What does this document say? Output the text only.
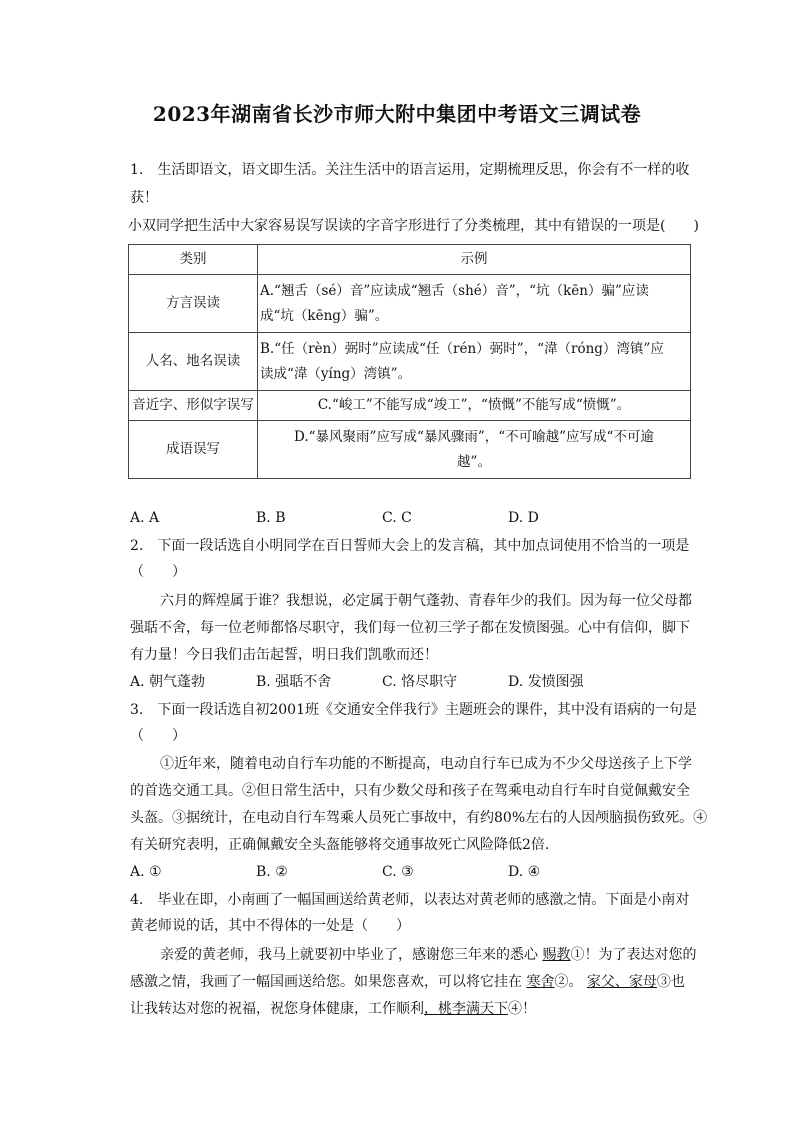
2023年湖南省长沙市师大附中集团中考语文三调试卷
1.　生活即语文，语文即生活。关注生活中的语言运用，定期梳理反思，你会有不一样的收
获！
小双同学把生活中大家容易误写误读的字音字形进行了分类梳理，其中有错误的一项是(　　)
类别	示例
方言误读	A.“翘舌（sé）音”应读成“翘舌（shé）音”，“坑（kēn）骗”应读
成“坑（kēng）骗”。

人名、地名误读	B.“任（rèn）弼时”应读成“任（rén）弼时”，“湋（róng）湾镇”应
读成“湋（yíng）湾镇”。

音近字、形似字误写	C.“峻工”不能写成“竣工”，“愤慨”不能写成“愤慨”。
成语误写	D.“暴风聚雨”应写成“暴风骤雨”，“不可喻越”应写成“不可逾
越”。
A. A	B. B	C. C	D. D
2.　下面一段话选自小明同学在百日誓师大会上的发言稿，其中加点词使用不恰当的一项是
（　　）
六月的辉煌属于谁？我想说，必定属于朝气蓬勃、青春年少的我们。因为每一位父母都
强聒不舍，每一位老师都恪尽职守，我们每一位初三学子都在发愤图强。心中有信仰，脚下
有力量！今日我们击缶起誓，明日我们凯歌而还！
A. 朝气蓬勃	B. 强聒不舍	C. 恪尽职守	D. 发愤图强
3.　下面一段话选自初2001班《交通安全伴我行》主题班会的课件，其中没有语病的一句是
（　　）
①近年来，随着电动自行车功能的不断提高，电动自行车已成为不少父母送孩子上下学
的首选交通工具。②但日常生活中，只有少数父母和孩子在驾乘电动自行车时自觉佩戴安全
头盔。③据统计，在电动自行车驾乘人员死亡事故中，有约80%左右的人因颅脑损伤致死。④
有关研究表明，正确佩戴安全头盔能够将交通事故死亡风险降低2倍.
A. ①	B. ②	C. ③	D. ④
4.　毕业在即，小南画了一幅国画送给黄老师，以表达对黄老师的感激之情。下面是小南对
黄老师说的话，其中不得体的一处是（　　）
亲爱的黄老师，我马上就要初中毕业了，感谢您三年来的悉心 赐教①！为了表达对您的
感激之情，我画了一幅国画送给您。如果您喜欢，可以将它挂在 寒舍②。 家父、家母③也
让我转达对您的祝福，祝您身体健康，工作顺利，桃李满天下④！
